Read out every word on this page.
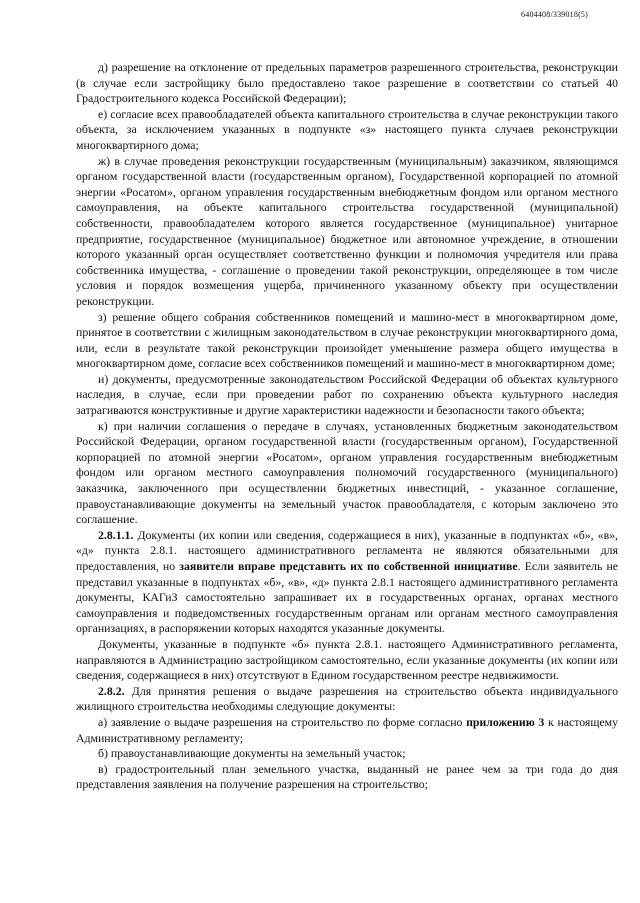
6404408/339018(5)

д) разрешение на отклонение от предельных параметров разрешенного строительства, реконструкции (в случае если застройщику было предоставлено такое разрешение в соответствии со статьей 40 Градостроительного кодекса Российской Федерации);

е) согласие всех правообладателей объекта капитального строительства в случае реконструкции такого объекта, за исключением указанных в подпункте «з» настоящего пункта случаев реконструкции многоквартирного дома;

ж) в случае проведения реконструкции государственным (муниципальным) заказчиком, являющимся органом государственной власти (государственным органом), Государственной корпорацией по атомной энергии «Росатом», органом управления государственным внебюджетным фондом или органом местного самоуправления, на объекте капитального строительства государственной (муниципальной) собственности, правообладателем которого является государственное (муниципальное) унитарное предприятие, государственное (муниципальное) бюджетное или автономное учреждение, в отношении которого указанный орган осуществляет соответственно функции и полномочия учредителя или права собственника имущества, - соглашение о проведении такой реконструкции, определяющее в том числе условия и порядок возмещения ущерба, причиненного указанному объекту при осуществлении реконструкции.

з) решение общего собрания собственников помещений и машино-мест в многоквартирном доме, принятое в соответствии с жилищным законодательством в случае реконструкции многоквартирного дома, или, если в результате такой реконструкции произойдет уменьшение размера общего имущества в многоквартирном доме, согласие всех собственников помещений и машино-мест в многоквартирном доме;

и) документы, предусмотренные законодательством Российской Федерации об объектах культурного наследия, в случае, если при проведении работ по сохранению объекта культурного наследия затрагиваются конструктивные и другие характеристики надежности и безопасности такого объекта;

к) при наличии соглашения о передаче в случаях, установленных бюджетным законодательством Российской Федерации, органом государственной власти (государственным органом), Государственной корпорацией по атомной энергии «Росатом», органом управления государственным внебюджетным фондом или органом местного самоуправления полномочий государственного (муниципального) заказчика, заключенного при осуществлении бюджетных инвестиций, - указанное соглашение, правоустанавливающие документы на земельный участок правообладателя, с которым заключено это соглашение.

2.8.1.1. Документы (их копии или сведения, содержащиеся в них), указанные в подпунктах «б», «в», «д» пункта 2.8.1. настоящего административного регламента не являются обязательными для предоставления, но заявители вправе представить их по собственной инициативе. Если заявитель не представил указанные в подпунктах «б», «в», «д» пункта 2.8.1 настоящего административного регламента документы, КАГиЗ самостоятельно запрашивает их в государственных органах, органах местного самоуправления и подведомственных государственным органам или органам местного самоуправления организациях, в распоряжении которых находятся указанные документы.

Документы, указанные в подпункте «б» пункта 2.8.1. настоящего Административного регламента, направляются в Администрацию застройщиком самостоятельно, если указанные документы (их копии или сведения, содержащиеся в них) отсутствуют в Едином государственном реестре недвижимости.

2.8.2. Для принятия решения о выдаче разрешения на строительство объекта индивидуального жилищного строительства необходимы следующие документы:

а) заявление о выдаче разрешения на строительство по форме согласно приложению 3 к настоящему Административному регламенту;

б) правоустанавливающие документы на земельный участок;

в) градостроительный план земельного участка, выданный не ранее чем за три года до дня представления заявления на получение разрешения на строительство;
